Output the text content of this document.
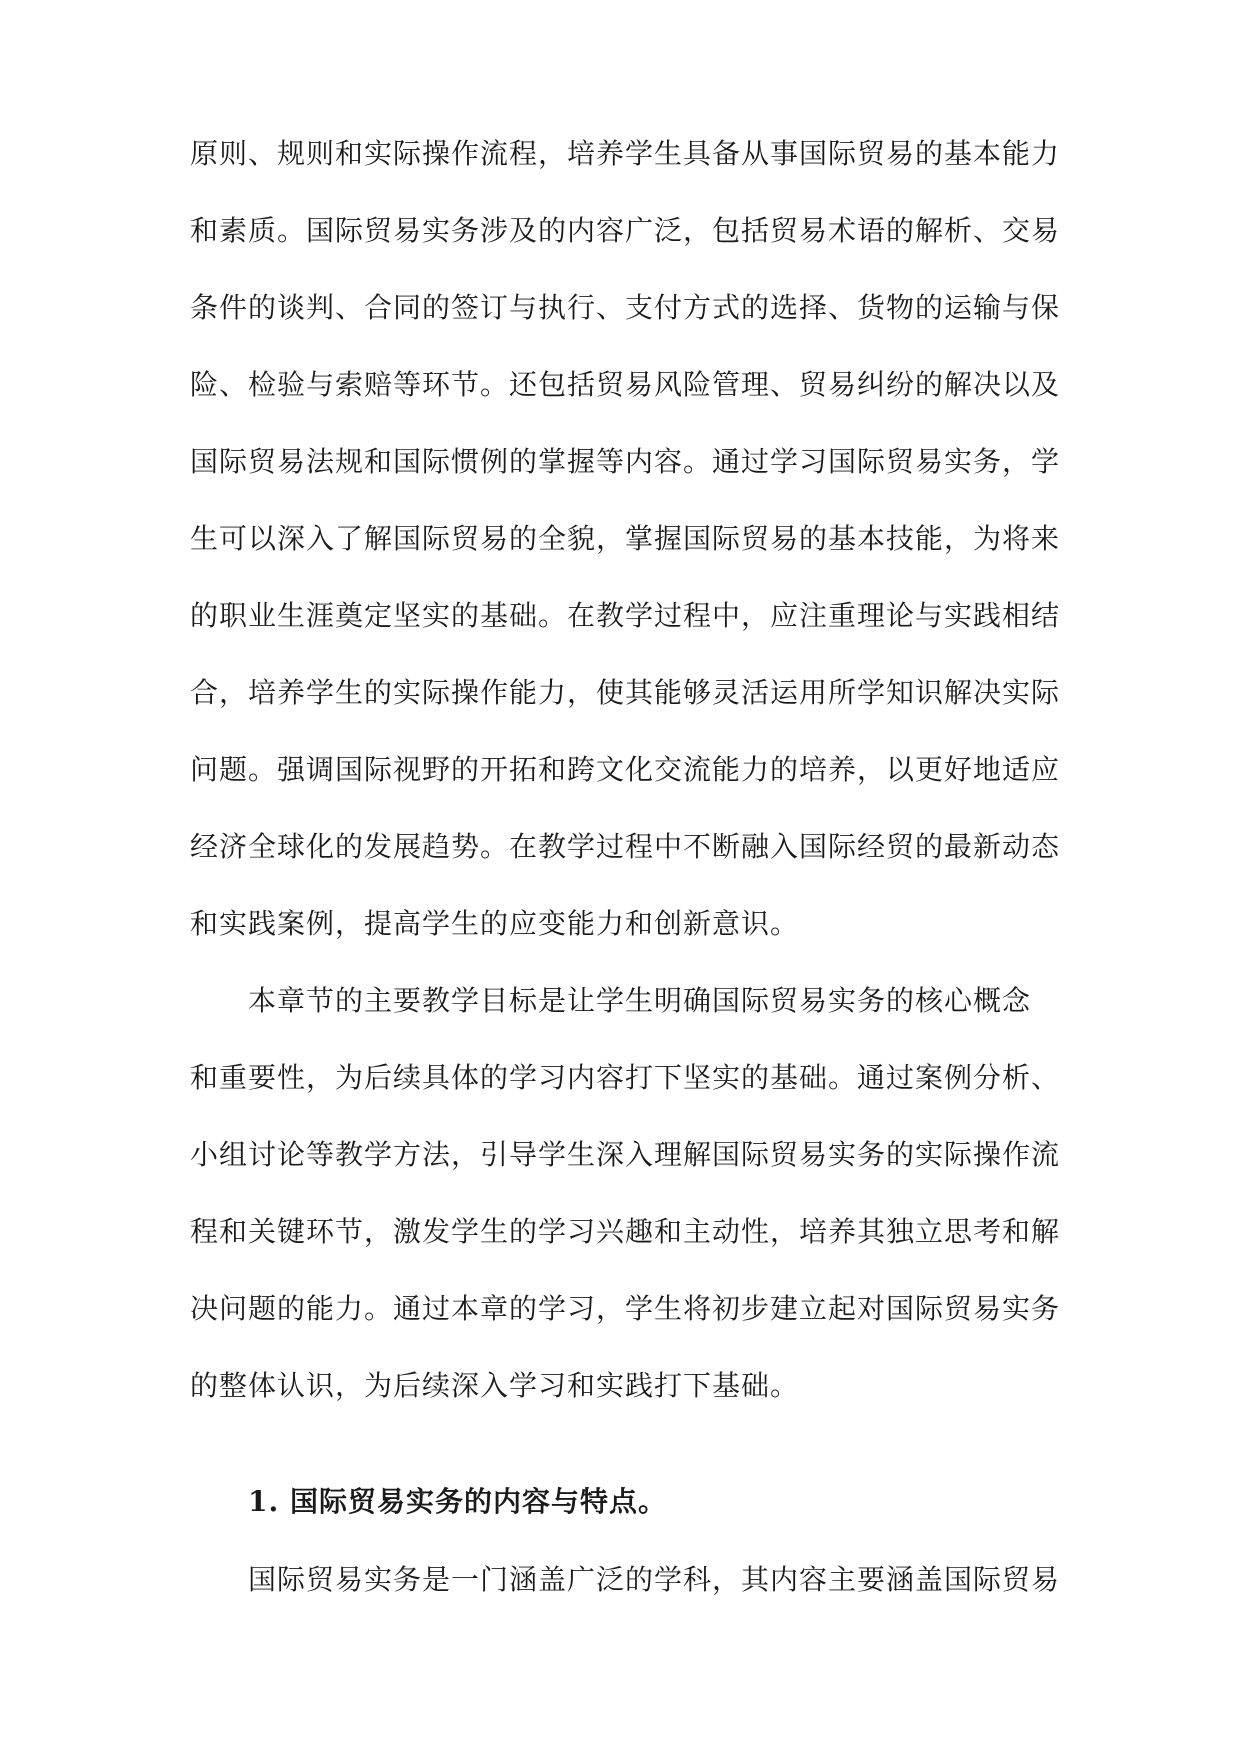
原则、规则和实际操作流程，培养学生具备从事国际贸易的基本能力
和素质。国际贸易实务涉及的内容广泛，包括贸易术语的解析、交易
条件的谈判、合同的签订与执行、支付方式的选择、货物的运输与保
险、检验与索赔等环节。还包括贸易风险管理、贸易纠纷的解决以及
国际贸易法规和国际惯例的掌握等内容。通过学习国际贸易实务，学
生可以深入了解国际贸易的全貌，掌握国际贸易的基本技能，为将来
的职业生涯奠定坚实的基础。在教学过程中，应注重理论与实践相结
合，培养学生的实际操作能力，使其能够灵活运用所学知识解决实际
问题。强调国际视野的开拓和跨文化交流能力的培养，以更好地适应
经济全球化的发展趋势。在教学过程中不断融入国际经贸的最新动态
和实践案例，提高学生的应变能力和创新意识。
本章节的主要教学目标是让学生明确国际贸易实务的核心概念
和重要性，为后续具体的学习内容打下坚实的基础。通过案例分析、
小组讨论等教学方法，引导学生深入理解国际贸易实务的实际操作流
程和关键环节，激发学生的学习兴趣和主动性，培养其独立思考和解
决问题的能力。通过本章的学习，学生将初步建立起对国际贸易实务
的整体认识，为后续深入学习和实践打下基础。
1. 国际贸易实务的内容与特点。
国际贸易实务是一门涵盖广泛的学科，其内容主要涵盖国际贸易
